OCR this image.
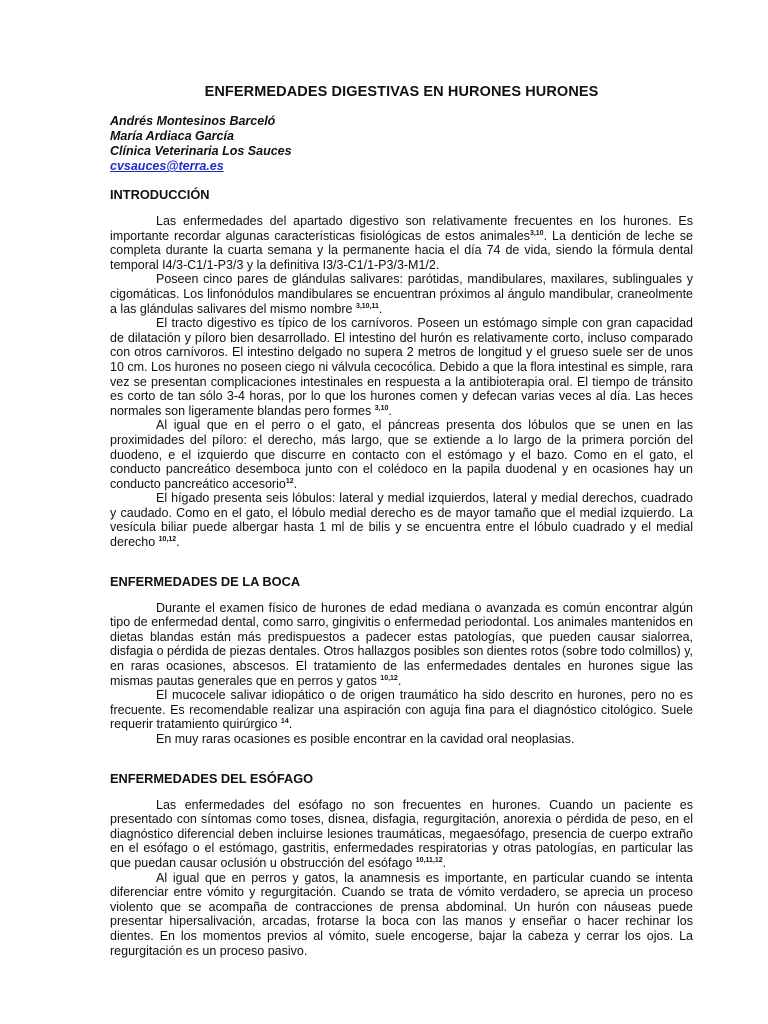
ENFERMEDADES DIGESTIVAS EN HURONES HURONES
Andrés Montesinos Barceló
María Ardiaca García
Clínica Veterinaria Los Sauces
cvsauces@terra.es
INTRODUCCIÓN

Las enfermedades del apartado digestivo son relativamente frecuentes en los hurones. Es importante recordar algunas características fisiológicas de estos animales$^{3,10}$. La dentición de leche se completa durante la cuarta semana y la permanente hacia el día 74 de vida, siendo la fórmula dental temporal I4/3-C1/1-P3/3 y la definitiva I3/3-C1/1-P3/3-M1/2.

Poseen cinco pares de glándulas salivares: parótidas, mandibulares, maxilares, sublinguales y cigomáticas. Los linfonódulos mandibulares se encuentran próximos al ángulo mandibular, craneolmente a las glándulas salivares del mismo nombre $^{3,10,11}$.

El tracto digestivo es típico de los carnívoros. Poseen un estómago simple con gran capacidad de dilatación y píloro bien desarrollado. El intestino del hurón es relativamente corto, incluso comparado con otros carnívoros. El intestino delgado no supera 2 metros de longitud y el grueso suele ser de unos 10 cm. Los hurones no poseen ciego ni válvula cecocólica. Debido a que la flora intestinal es simple, rara vez se presentan complicaciones intestinales en respuesta a la antibioterapia oral. El tiempo de tránsito es corto de tan sólo 3-4 horas, por lo que los hurones comen y defecan varias veces al día. Las heces normales son ligeramente blandas pero formes $^{3,10}$.

Al igual que en el perro o el gato, el páncreas presenta dos lóbulos que se unen en las proximidades del píloro: el derecho, más largo, que se extiende a lo largo de la primera porción del duodeno, e el izquierdo que discurre en contacto con el estómago y el bazo. Como en el gato, el conducto pancreático desemboca junto con el colédoco en la papila duodenal y en ocasiones hay un conducto pancreático accesorio$^{12}$.

El hígado presenta seis lóbulos: lateral y medial izquierdos, lateral y medial derechos, cuadrado y caudado. Como en el gato, el lóbulo medial derecho es de mayor tamaño que el medial izquierdo. La vesícula biliar puede albergar hasta 1 ml de bilis y se encuentra entre el lóbulo cuadrado y el medial derecho $^{10,12}$.

ENFERMEDADES DE LA BOCA

Durante el examen físico de hurones de edad mediana o avanzada es común encontrar algún tipo de enfermedad dental, como sarro, gingivitis o enfermedad periodontal. Los animales mantenidos en dietas blandas están más predispuestos a padecer estas patologías, que pueden causar sialorrea, disfagia o pérdida de piezas dentales. Otros hallazgos posibles son dientes rotos (sobre todo colmillos) y, en raras ocasiones, abscesos. El tratamiento de las enfermedades dentales en hurones sigue las mismas pautas generales que en perros y gatos $^{10,12}$.

El mucocele salivar idiopático o de origen traumático ha sido descrito en hurones, pero no es frecuente. Es recomendable realizar una aspiración con aguja fina para el diagnóstico citológico. Suele requerir tratamiento quirúrgico $^{14}$.

En muy raras ocasiones es posible encontrar en la cavidad oral neoplasias.

ENFERMEDADES DEL ESÓFAGO

Las enfermedades del esófago no son frecuentes en hurones. Cuando un paciente es presentado con síntomas como toses, disnea, disfagia, regurgitación, anorexia o pérdida de peso, en el diagnóstico diferencial deben incluirse lesiones traumáticas, megaesófago, presencia de cuerpo extraño en el esófago o el estómago, gastritis, enfermedades respiratorias y otras patologías, en particular las que puedan causar oclusión u obstrucción del esófago $^{10,11,12}$.

Al igual que en perros y gatos, la anamnesis es importante, en particular cuando se intenta diferenciar entre vómito y regurgitación. Cuando se trata de vómito verdadero, se aprecia un proceso violento que se acompaña de contracciones de prensa abdominal. Un hurón con náuseas puede presentar hipersalivación, arcadas, frotarse la boca con las manos y enseñar o hacer rechinar los dientes. En los momentos previos al vómito, suele encogerse, bajar la cabeza y cerrar los ojos. La regurgitación es un proceso pasivo.
